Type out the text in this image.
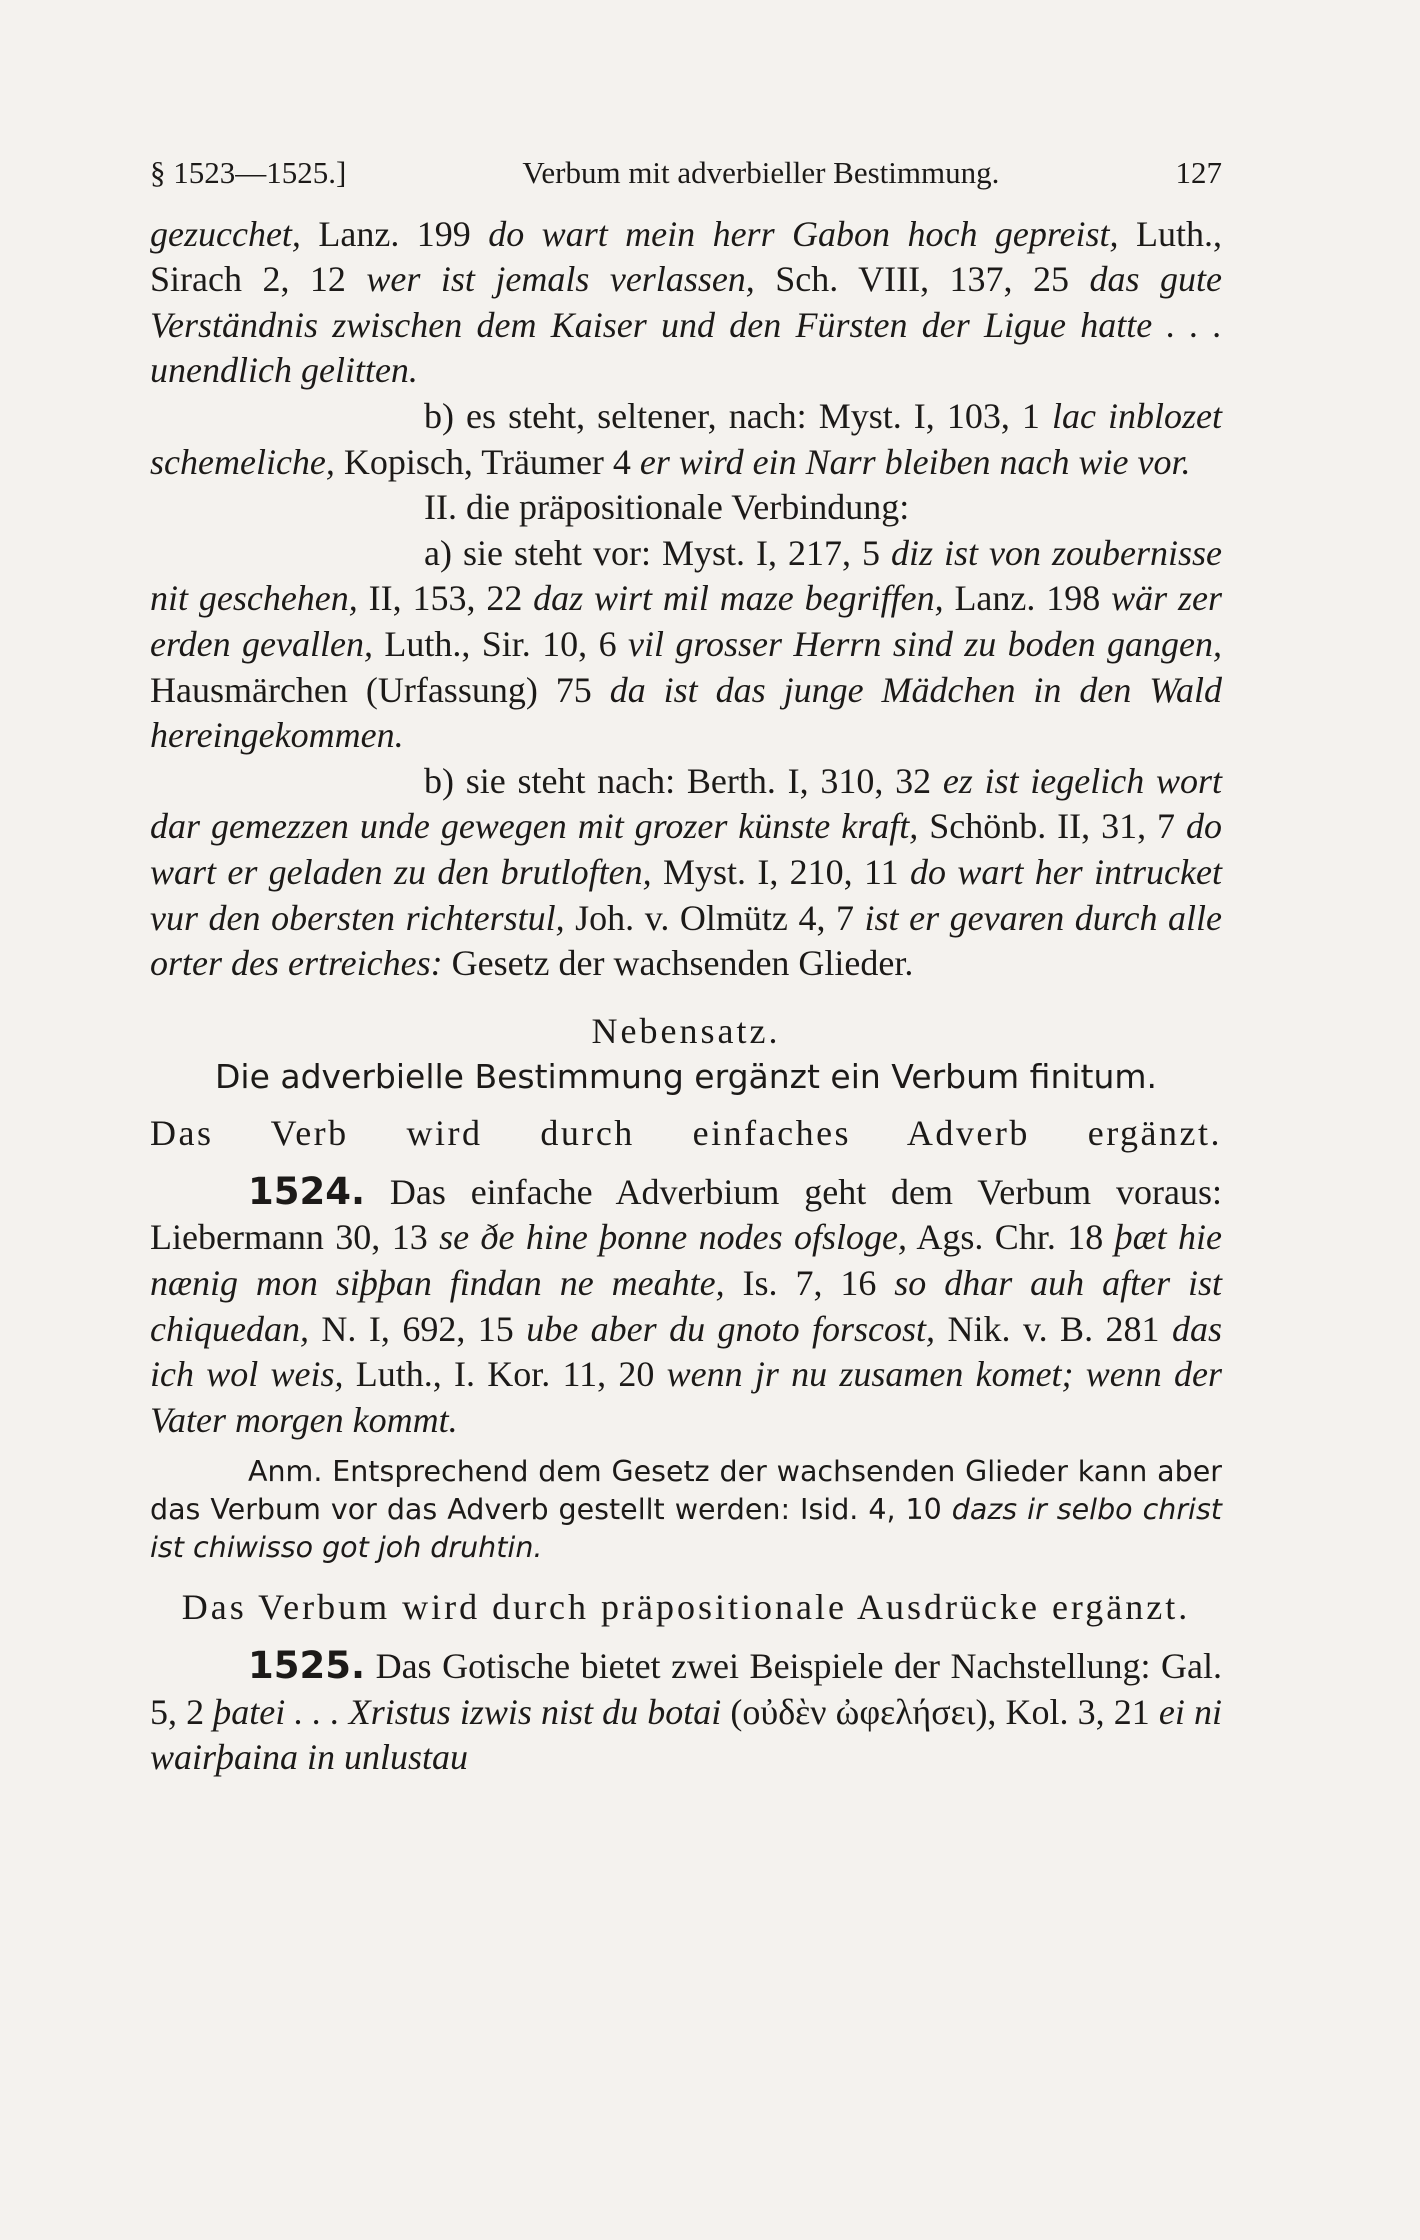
§ 1523—1525.]	Verbum mit adverbieller Bestimmung.	127

gezucchet, Lanz. 199 do wart mein herr Gabon hoch gepreist, Luth., Sirach 2, 12 wer ist jemals verlassen, Sch. VIII, 137, 25 das gute Verständnis zwischen dem Kaiser und den Fürsten der Ligue hatte . . . unendlich gelitten.

b) es steht, seltener, nach: Myst. I, 103, 1 lac inblozet schemeliche, Kopisch, Träumer 4 er wird ein Narr bleiben nach wie vor.

II. die präpositionale Verbindung:

a) sie steht vor: Myst. I, 217, 5 diz ist von zoubernisse nit geschehen, II, 153, 22 daz wirt mil maze begriffen, Lanz. 198 wär zer erden gevallen, Luth., Sir. 10, 6 vil grosser Herrn sind zu boden gangen, Hausmärchen (Urfassung) 75 da ist das junge Mädchen in den Wald hereingekommen.

b) sie steht nach: Berth. I, 310, 32 ez ist iegelich wort dar gemezzen unde gewegen mit grozer künste kraft, Schönb. II, 31, 7 do wart er geladen zu den brutloften, Myst. I, 210, 11 do wart her intrucket vur den obersten richterstul, Joh. v. Olmütz 4, 7 ist er gevaren durch alle orter des ertreiches: Gesetz der wachsenden Glieder.

Nebensatz.

Die adverbielle Bestimmung ergänzt ein Verbum finitum.

Das Verb wird durch einfaches Adverb ergänzt.

1524. Das einfache Adverbium geht dem Verbum voraus: Liebermann 30, 13 se ðe hine þonne nodes ofsloge, Ags. Chr. 18 þæt hie nænig mon siþþan findan ne meahte, Is. 7, 16 so dhar auh after ist chiquedan, N. I, 692, 15 ube aber du gnoto forscost, Nik. v. B. 281 das ich wol weis, Luth., I. Kor. 11, 20 wenn jr nu zusamen komet; wenn der Vater morgen kommt.

Anm. Entsprechend dem Gesetz der wachsenden Glieder kann aber das Verbum vor das Adverb gestellt werden: Isid. 4, 10 dazs ir selbo christ ist chiwisso got joh druhtin.

Das Verbum wird durch präpositionale Ausdrücke ergänzt.

1525. Das Gotische bietet zwei Beispiele der Nachstellung: Gal. 5, 2 þatei . . . Xristus izwis nist du botai (οὐδὲν ὠφελήσει), Kol. 3, 21 ei ni wairþaina in unlustau
